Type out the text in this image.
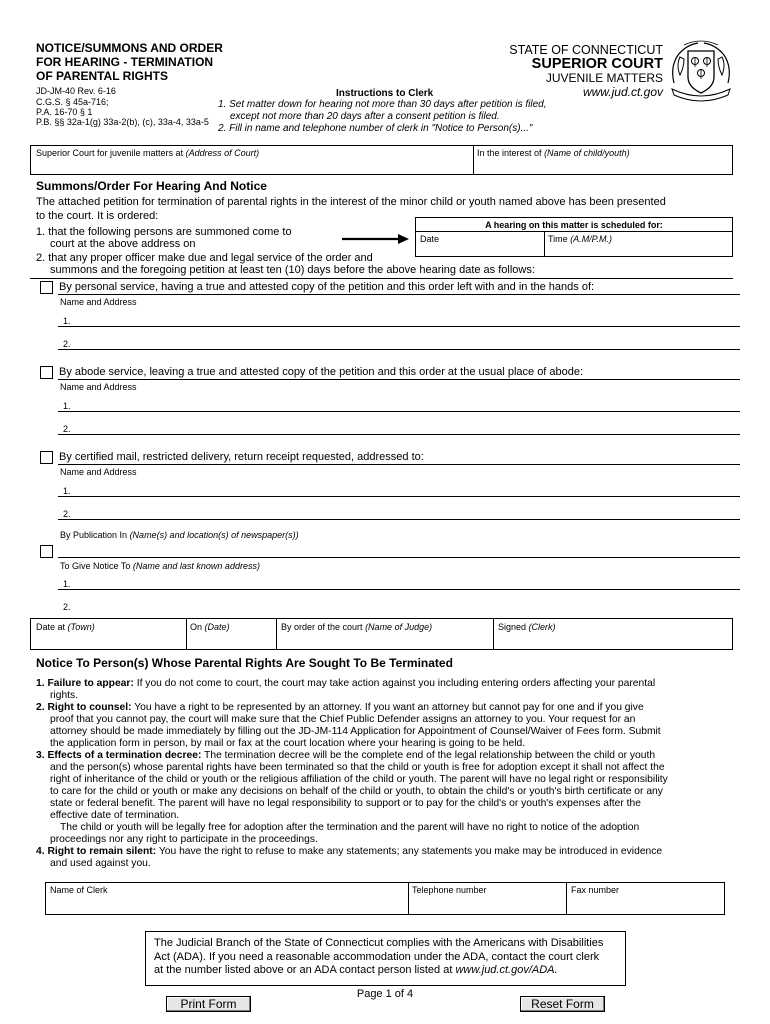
NOTICE/SUMMONS AND ORDER
FOR HEARING - TERMINATION
OF PARENTAL RIGHTS
JD-JM-40 Rev. 6-16
C.G.S. § 45a-716;
P.A. 16-70 § 1
P.B. §§ 32a-1(g) 33a-2(b), (c), 33a-4, 33a-5
Instructions to Clerk
1. Set matter down for hearing not more than 30 days after petition is filed,
except not more than 20 days after a consent petition is filed.
2. Fill in name and telephone number of clerk in "Notice to Person(s)..."
STATE OF CONNECTICUT
SUPERIOR COURT
JUVENILE MATTERS
www.jud.ct.gov
Superior Court for juvenile matters at (Address of Court)	In the interest of (Name of child/youth)
Summons/Order For Hearing And Notice
The attached petition for termination of parental rights in the interest of the minor child or youth named above has been presented
to the court. It is ordered:
1. that the following persons are summoned come to
court at the above address on
A hearing on this matter is scheduled for:
Date	Time (A.M/P.M.)
2. that any proper officer make due and legal service of the order and
summons and the foregoing petition at least ten (10) days before the above hearing date as follows:
By personal service, having a true and attested copy of the petition and this order left with and in the hands of:
Name and Address
1.
2.
By abode service, leaving a true and attested copy of the petition and this order at the usual place of abode:
Name and Address
1.
2.
By certified mail, restricted delivery, return receipt requested, addressed to:
Name and Address
1.
2.
By Publication In (Name(s) and location(s) of newspaper(s))
To Give Notice To (Name and last known address)
1.
2.
Date at (Town)	On (Date)	By order of the court (Name of Judge)	Signed (Clerk)
Notice To Person(s) Whose Parental Rights Are Sought To Be Terminated
1. Failure to appear: If you do not come to court, the court may take action against you including entering orders affecting your parental
rights.
2. Right to counsel: You have a right to be represented by an attorney. If you want an attorney but cannot pay for one and if you give
proof that you cannot pay, the court will make sure that the Chief Public Defender assigns an attorney to you. Your request for an
attorney should be made immediately by filling out the JD-JM-114 Application for Appointment of Counsel/Waiver of Fees form. Submit
the application form in person, by mail or fax at the court location where your hearing is going to be held.
3. Effects of a termination decree: The termination decree will be the complete end of the legal relationship between the child or youth
and the person(s) whose parental rights have been terminated so that the child or youth is free for adoption except it shall not affect the
right of inheritance of the child or youth or the religious affiliation of the child or youth. The parent will have no legal right or responsibility
to care for the child or youth or make any decisions on behalf of the child or youth, to obtain the child's or youth's birth certificate or any
state or federal benefit. The parent will have no legal responsibility to support or to pay for the child's or youth's expenses after the
effective date of termination.
The child or youth will be legally free for adoption after the termination and the parent will have no right to notice of the adoption
proceedings nor any right to participate in the proceedings.
4. Right to remain silent: You have the right to refuse to make any statements; any statements you make may be introduced in evidence
and used against you.
Name of Clerk	Telephone number	Fax number
The Judicial Branch of the State of Connecticut complies with the Americans with Disabilities
Act (ADA). If you need a reasonable accommodation under the ADA, contact the court clerk
at the number listed above or an ADA contact person listed at www.jud.ct.gov/ADA.
Page 1 of 4
Print Form	Reset Form
